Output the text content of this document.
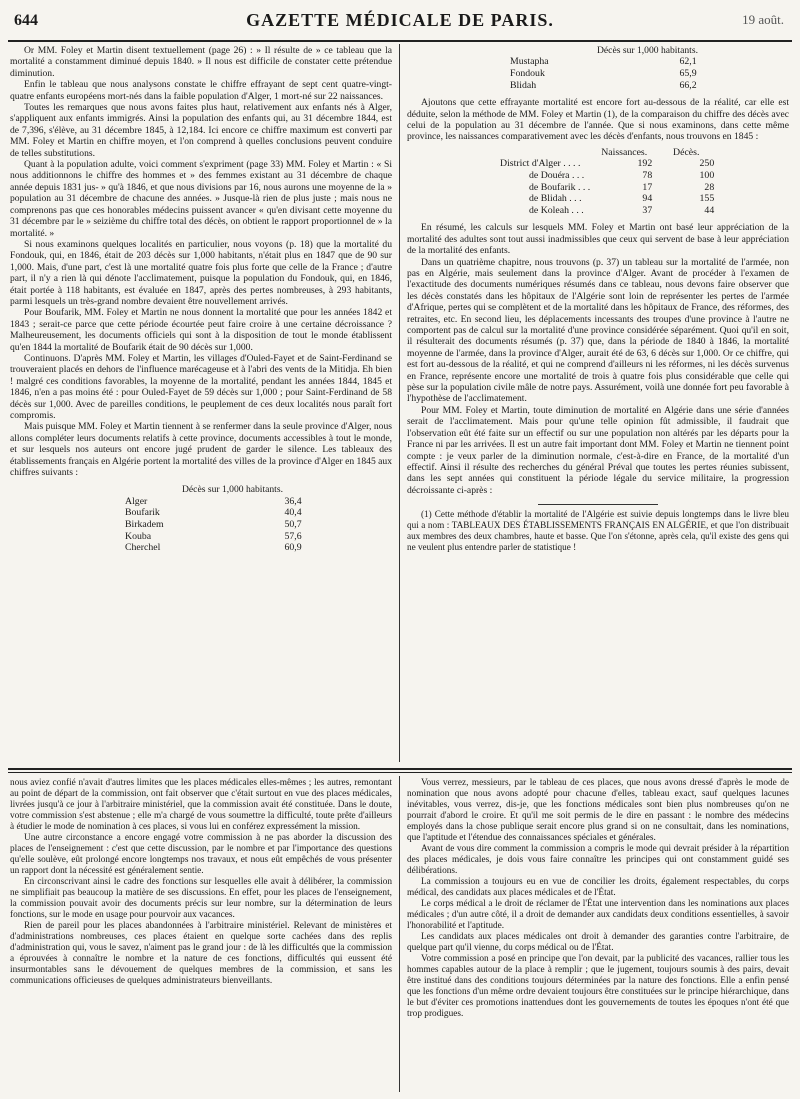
644	GAZETTE MÉDICALE DE PARIS.	19 août.

Or MM. Foley et Martin disent textuellement (page 26) : » Il résulte de » ce tableau que la mortalité a constamment diminué depuis 1840. » Il nous est difficile de constater cette prétendue diminution.

Enfin le tableau que nous analysons constate le chiffre effrayant de sept cent quatre-vingt-quatre enfants européens mort-nés dans la faible population d'Alger, 1 mort-né sur 22 naissances.

Toutes les remarques que nous avons faites plus haut, relativement aux enfants nés à Alger, s'appliquent aux enfants immigrés. Ainsi la population des enfants qui, au 31 décembre 1844, est de 7,396, s'élève, au 31 décembre 1845, à 12,184. Ici encore ce chiffre maximum est converti par MM. Foley et Martin en chiffre moyen, et l'on comprend à quelles conclusions peuvent conduire de telles substitutions.

Quant à la population adulte, voici comment s'expriment (page 33) MM. Foley et Martin : « Si nous additionnons le chiffre des hommes et » des femmes existant au 31 décembre de chaque année depuis 1831 jus- » qu'à 1846, et que nous divisions par 16, nous aurons une moyenne de la » population au 31 décembre de chacune des années. » Jusque-là rien de plus juste ; mais nous ne comprenons pas que ces honorables médecins puissent avancer « qu'en divisant cette moyenne du 31 décembre par le » seizième du chiffre total des décès, on obtient le rapport proportionnel de » la mortalité. »

Si nous examinons quelques localités en particulier, nous voyons (p. 18) que la mortalité du Fondouk, qui, en 1846, était de 203 décès sur 1,000 habitants, n'était plus en 1847 que de 90 sur 1,000. Mais, d'une part, c'est là une mortalité quatre fois plus forte que celle de la France ; d'autre part, il n'y a rien là qui dénote l'acclimatement, puisque la population du Fondouk, qui, en 1846, était portée à 118 habitants, est évaluée en 1847, après des pertes nombreuses, à 293 habitants, parmi lesquels un très-grand nombre devaient être nouvellement arrivés.

Pour Boufarik, MM. Foley et Martin ne nous donnent la mortalité que pour les années 1842 et 1843 ; serait-ce parce que cette période écourtée peut faire croire à une certaine décroissance ? Malheureusement, les documents officiels qui sont à la disposition de tout le monde établissent qu'en 1844 la mortalité de Boufarik était de 90 décès sur 1,000.

Continuons. D'après MM. Foley et Martin, les villages d'Ouled-Fayet et de Saint-Ferdinand se trouveraient placés en dehors de l'influence marécageuse et à l'abri des vents de la Mitidja. Eh bien ! malgré ces conditions favorables, la moyenne de la mortalité, pendant les années 1844, 1845 et 1846, n'en a pas moins été : pour Ouled-Fayet de 59 décès sur 1,000 ; pour Saint-Ferdinand de 58 décès sur 1,000. Avec de pareilles conditions, le peuplement de ces deux localités nous paraît fort compromis.

Mais puisque MM. Foley et Martin tiennent à se renfermer dans la seule province d'Alger, nous allons compléter leurs documents relatifs à cette province, documents accessibles à tout le monde, et sur lesquels nos auteurs ont encore jugé prudent de garder le silence. Les tableaux des établissements français en Algérie portent la mortalité des villes de la province d'Alger en 1845 aux chiffres suivants :

Décès sur 1,000 habitants.
Alger		36,4
Boufarik		40,4
Birkadem		50,7
Kouba		57,6
Cherchel		60,9
Décès sur 1,000 habitants.
Mustapha		62,1
Fondouk		65,9
Blidah		66,2

Ajoutons que cette effrayante mortalité est encore fort au-dessous de la réalité, car elle est déduite, selon la méthode de MM. Foley et Martin (1), de la comparaison du chiffre des décès avec celui de la population au 31 décembre de l'année. Que si nous examinons, dans cette même province, les naissances comparativement avec les décès d'enfants, nous trouvons en 1845 :

	Naissances.	Décès.
District d'Alger . . . .	192	250
de Douéra . . .	78	100
de Boufarik . . .	17	28
de Blidah . . .	94	155
de Koleah . . .	37	44

En résumé, les calculs sur lesquels MM. Foley et Martin ont basé leur appréciation de la mortalité des adultes sont tout aussi inadmissibles que ceux qui servent de base à leur appréciation de la mortalité des enfants.

Dans un quatrième chapitre, nous trouvons (p. 37) un tableau sur la mortalité de l'armée, non pas en Algérie, mais seulement dans la province d'Alger. Avant de procéder à l'examen de l'exactitude des documents numériques résumés dans ce tableau, nous devons faire observer que les décès constatés dans les hôpitaux de l'Algérie sont loin de représenter les pertes de l'armée d'Afrique, pertes qui se complètent et de la mortalité dans les hôpitaux de France, des réformes, des retraites, etc. En second lieu, les déplacements incessants des troupes d'une province à l'autre ne comportent pas de calcul sur la mortalité d'une province considérée séparément. Quoi qu'il en soit, il résulterait des documents résumés (p. 37) que, dans la période de 1840 à 1846, la mortalité moyenne de l'armée, dans la province d'Alger, aurait été de 63, 6 décès sur 1,000. Or ce chiffre, qui est fort au-dessous de la réalité, et qui ne comprend d'ailleurs ni les réformes, ni les décès survenus en France, représente encore une mortalité de trois à quatre fois plus considérable que celle qui pèse sur la population civile mâle de notre pays. Assurément, voilà une donnée fort peu favorable à l'hypothèse de l'acclimatement.

Pour MM. Foley et Martin, toute diminution de mortalité en Algérie dans une série d'années serait de l'acclimatement. Mais pour qu'une telle opinion fût admissible, il faudrait que l'observation eût été faite sur un effectif ou sur une population non altérés par les départs pour la France ni par les arrivées. Il est un autre fait important dont MM. Foley et Martin ne tiennent point compte : je veux parler de la diminution normale, c'est-à-dire en France, de la mortalité d'un effectif. Ainsi il résulte des recherches du général Préval que toutes les pertes réunies subissent, dans les sept années qui constituent la période légale du service militaire, la progression décroissante ci-après :

(1) Cette méthode d'établir la mortalité de l'Algérie est suivie depuis longtemps dans le livre bleu qui a nom : TABLEAUX DES ÉTABLISSEMENTS FRANÇAIS EN ALGÉRIE, et que l'on distribuait aux membres des deux chambres, haute et basse. Que l'on s'étonne, après cela, qu'il existe des gens qui ne veulent plus entendre parler de statistique !

nous aviez confié n'avait d'autres limites que les places médicales elles-mêmes ; les autres, remontant au point de départ de la commission, ont fait observer que c'était surtout en vue des places médicales, livrées jusqu'à ce jour à l'arbitraire ministériel, que la commission avait été constituée. Dans le doute, votre commission s'est abstenue ; elle m'a chargé de vous soumettre la difficulté, toute prête d'ailleurs à étudier le mode de nomination à ces places, si vous lui en conférez expressément la mission.

Une autre circonstance a encore engagé votre commission à ne pas aborder la discussion des places de l'enseignement : c'est que cette discussion, par le nombre et par l'importance des questions qu'elle soulève, eût prolongé encore longtemps nos travaux, et nous eût empêchés de vous présenter un rapport dont la nécessité est généralement sentie.

En circonscrivant ainsi le cadre des fonctions sur lesquelles elle avait à délibérer, la commission ne simplifiait pas beaucoup la matière de ses discussions. En effet, pour les places de l'enseignement, la commission pouvait avoir des documents précis sur leur nombre, sur la détermination de leurs fonctions, sur le mode en usage pour pourvoir aux vacances.

Rien de pareil pour les places abandonnées à l'arbitraire ministériel. Relevant de ministères et d'administrations nombreuses, ces places étaient en quelque sorte cachées dans des replis d'administration qui, vous le savez, n'aiment pas le grand jour : de là les difficultés que la commission a éprouvées à connaître le nombre et la nature de ces fonctions, difficultés qui eussent été insurmontables sans le dévouement de quelques membres de la commission, et sans les communications officieuses de quelques administrateurs bienveillants.

Vous verrez, messieurs, par le tableau de ces places, que nous avons dressé d'après le mode de nomination que nous avons adopté pour chacune d'elles, tableau exact, sauf quelques lacunes inévitables, vous verrez, dis-je, que les fonctions médicales sont bien plus nombreuses qu'on ne pourrait d'abord le croire. Et qu'il me soit permis de le dire en passant : le nombre des médecins employés dans la chose publique serait encore plus grand si on ne consultait, dans les nominations, que l'aptitude et l'étendue des connaissances spéciales et générales.

Avant de vous dire comment la commission a compris le mode qui devrait présider à la répartition des places médicales, je dois vous faire connaître les principes qui ont constamment guidé ses délibérations.

La commission a toujours eu en vue de concilier les droits, également respectables, du corps médical, des candidats aux places médicales et de l'État.

Le corps médical a le droit de réclamer de l'État une intervention dans les nominations aux places médicales ; d'un autre côté, il a droit de demander aux candidats deux conditions essentielles, à savoir l'honorabilité et l'aptitude.

Les candidats aux places médicales ont droit à demander des garanties contre l'arbitraire, de quelque part qu'il vienne, du corps médical ou de l'État.

Votre commission a posé en principe que l'on devait, par la publicité des vacances, rallier tous les hommes capables autour de la place à remplir ; que le jugement, toujours soumis à des pairs, devait être institué dans des conditions toujours déterminées par la nature des fonctions. Elle a enfin pensé que les fonctions d'un même ordre devaient toujours être constituées sur le principe hiérarchique, dans le but d'éviter ces promotions inattendues dont les gouvernements de toutes les époques n'ont été que trop prodigues.
